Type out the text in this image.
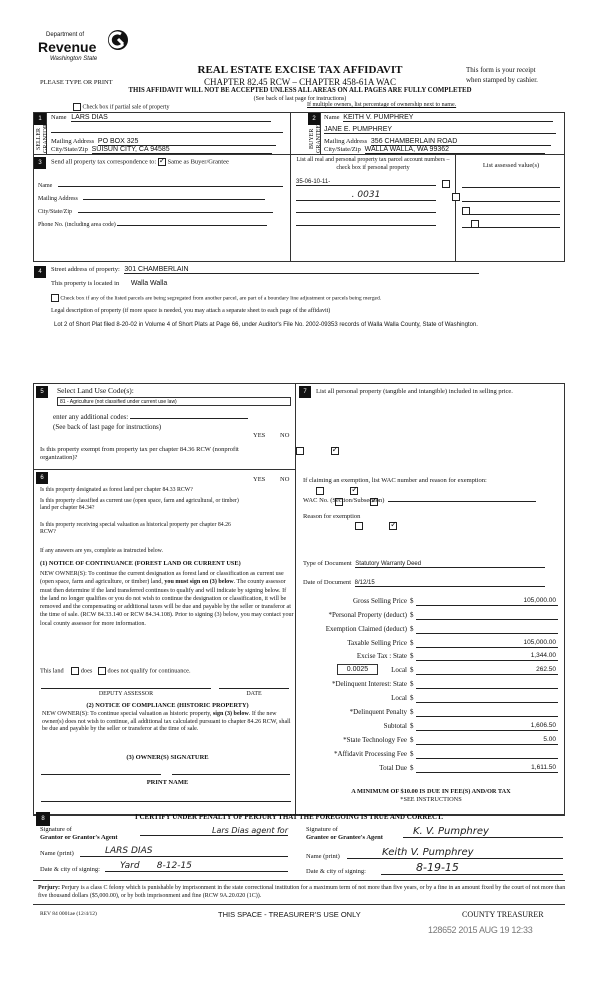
Department of
Revenue
Washington State
REAL ESTATE EXCISE TAX AFFIDAVIT
PLEASE TYPE OR PRINT	CHAPTER 82.45 RCW – CHAPTER 458-61A WAC
This form is your receipt
when stamped by cashier.
THIS AFFIDAVIT WILL NOT BE ACCEPTED UNLESS ALL AREAS ON ALL PAGES ARE FULLY COMPLETED
(See back of last page for instructions)
Check box if partial sale of property	If multiple owners, list percentage of ownership next to name.
1
SELLER GRANTOR
Name LARS DIAS
Mailing Address PO BOX 325
City/State/Zip SUISUN CITY, CA 94585
2
BUYER GRANTEE
Name KEITH V. PUMPHREY
JANE E. PUMPHREY
Mailing Address 356 CHAMBERLAIN ROAD
City/State/Zip WALLA WALLA, WA 99362
3	Send all property tax correspondence to: ✓ Same as Buyer/Grantee	List all real and personal property tax parcel account numbers – check box if personal property	List assessed value(s)
Name
Mailing Address
City/State/Zip
Phone No. (including area code)
35-06-10-11-

. 0031

4	Street address of property: 301 CHAMBERLAIN
This property is located in Walla Walla
Check box if any of the listed parcels are being segregated from another parcel, are part of a boundary line adjustment or parcels being merged.
Legal description of property (if more space is needed, you may attach a separate sheet to each page of the affidavit)
Lot 2 of Short Plat filed 8-20-02 in Volume 4 of Short Plats at Page 66, under Auditor's File No. 2002-09353 records of Walla Walla County, State of Washington.
5	Select Land Use Code(s):
81 - Agriculture (not classified under current use law)
enter any additional codes:
(See back of last page for instructions)
YES NO
Is this property exempt from property tax per chapter 84.36 RCW (nonprofit organization)?
✓
6	YES NO
Is this property designated as forest land per chapter 84.33 RCW?
✓
Is this property classified as current use (open space, farm and agricultural, or timber) land per chapter 84.34?
✓
Is this property receiving special valuation as historical property per chapter 84.26 RCW?
✓
If any answers are yes, complete as instructed below.
(1) NOTICE OF CONTINUANCE (FOREST LAND OR CURRENT USE)
NEW OWNER(S): To continue the current designation as forest land or classification as current use (open space, farm and agriculture, or timber) land, you must sign on (3) below. The county assessor must then determine if the land transferred continues to qualify and will indicate by signing below. If the land no longer qualifies or you do not wish to continue the designation or classification, it will be removed and the compensating or additional taxes will be due and payable by the seller or transferor at the time of sale. (RCW 84.33.140 or RCW 84.34.108). Prior to signing (3) below, you may contact your local county assessor for more information.
This land	does does not qualify for continuance.
DEPUTY ASSESSOR	DATE
(2) NOTICE OF COMPLIANCE (HISTORIC PROPERTY)
NEW OWNER(S): To continue special valuation as historic property, sign (3) below. If the new owner(s) does not wish to continue, all additional tax calculated pursuant to chapter 84.26 RCW, shall be due and payable by the seller or transferor at the time of sale.
(3) OWNER(S) SIGNATURE
PRINT NAME
7	List all personal property (tangible and intangible) included in selling price.
If claiming an exemption, list WAC number and reason for exemption:
WAC No. (Section/Subsection)
Reason for exemption
Type of Document Statutory Warranty Deed
Date of Document 8/12/15
Gross Selling Price $	105,000.00
*Personal Property (deduct) $
Exemption Claimed (deduct) $
Taxable Selling Price $	105,000.00
Excise Tax : State $	1,344.00
Local $	262.50
*Delinquent Interest: State $
Local $
*Delinquent Penalty $
Subtotal $	1,606.50
*State Technology Fee $	5.00
*Affidavit Processing Fee $
Total Due $	1,611.50
0.0025
A MINIMUM OF $10.00 IS DUE IN FEE(S) AND/OR TAX
*SEE INSTRUCTIONS
8	I CERTIFY UNDER PENALTY OF PERJURY THAT THE FOREGOING IS TRUE AND CORRECT.
Signature of
Grantor or Grantor's Agent
Lars Dias agent for
Name (print)	LARS DIAS
Date & city of signing:	Yard      8-12-15
Signature of
Grantee or Grantee's Agent
K. V. Pumphrey
Name (print)	Keith V. Pumphrey
Date & city of signing:	8-19-15
Perjury: Perjury is a class C felony which is punishable by imprisonment in the state correctional institution for a maximum term of not more than five years, or by a fine in an amount fixed by the court of not more than five thousand dollars ($5,000.00), or by both imprisonment and fine (RCW 9A.20.020 (1C)).
REV 84 0001ae (12/4/12)	THIS SPACE - TREASURER'S USE ONLY	COUNTY TREASURER
128652 2015 AUG 19 12:33
